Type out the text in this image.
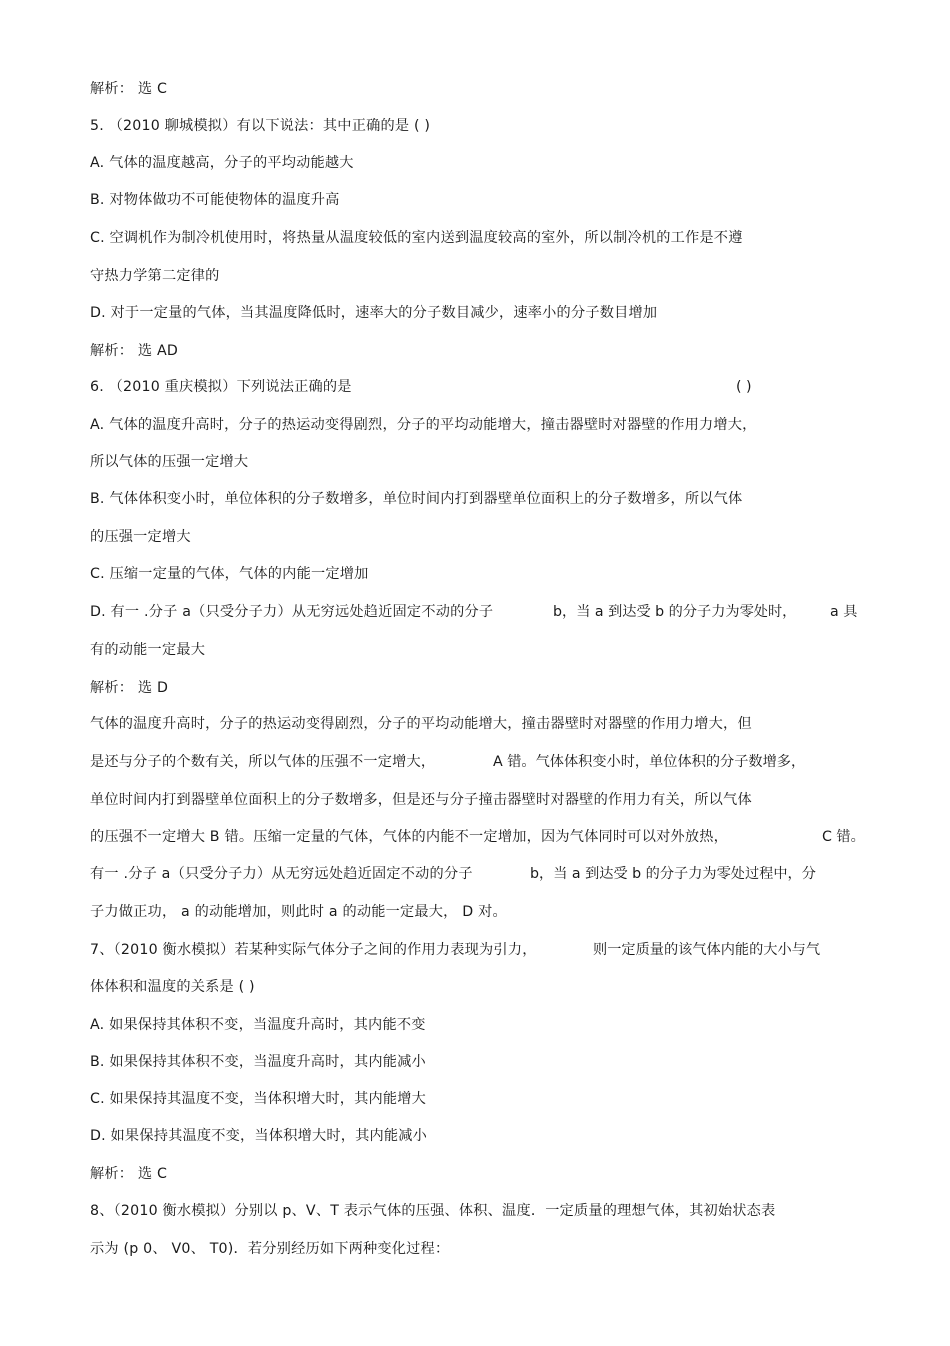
解析： 选 C
5. （2010 聊城模拟）有以下说法：其中正确的是 ( )
A. 气体的温度越高，分子的平均动能越大
B. 对物体做功不可能使物体的温度升高
C. 空调机作为制冷机使用时，将热量从温度较低的室内送到温度较高的室外，所以制冷机的工作是不遵
守热力学第二定律的
D. 对于一定量的气体，当其温度降低时，速率大的分子数目减少，速率小的分子数目增加
解析： 选 AD
6. （2010 重庆模拟）下列说法正确的是	( )
A. 气体的温度升高时，分子的热运动变得剧烈，分子的平均动能增大，撞击器壁时对器壁的作用力增大，
所以气体的压强一定增大
B. 气体体积变小时，单位体积的分子数增多，单位时间内打到器壁单位面积上的分子数增多，所以气体
的压强一定增大
C. 压缩一定量的气体，气体的内能一定增加
D. 有一 .分子 a（只受分子力）从无穷远处趋近固定不动的分子	b，当 a 到达受 b 的分子力为零处时， a 具
有的动能一定最大
解析： 选 D
气体的温度升高时，分子的热运动变得剧烈，分子的平均动能增大，撞击器壁时对器壁的作用力增大，但
是还与分子的个数有关，所以气体的压强不一定增大，	A 错。气体体积变小时，单位体积的分子数增多，
单位时间内打到器壁单位面积上的分子数增多，但是还与分子撞击器壁时对器壁的作用力有关，所以气体
的压强不一定增大 B 错。压缩一定量的气体，气体的内能不一定增加，因为气体同时可以对外放热，	C 错。
有一 .分子 a（只受分子力）从无穷远处趋近固定不动的分子	b，当 a 到达受 b 的分子力为零处过程中，分
子力做正功， a 的动能增加，则此时 a 的动能一定最大， D 对。
7、（2010 衡水模拟）若某种实际气体分子之间的作用力表现为引力，	则一定质量的该气体内能的大小与气
体体积和温度的关系是 ( )
A. 如果保持其体积不变，当温度升高时，其内能不变
B. 如果保持其体积不变，当温度升高时，其内能减小
C. 如果保持其温度不变，当体积增大时，其内能增大
D. 如果保持其温度不变，当体积增大时，其内能减小
解析： 选 C
8、（2010 衡水模拟）分别以 p、V、T 表示气体的压强、体积、温度．一定质量的理想气体，其初始状态表
示为 (p 0、 V0、 T0)．若分别经历如下两种变化过程：
